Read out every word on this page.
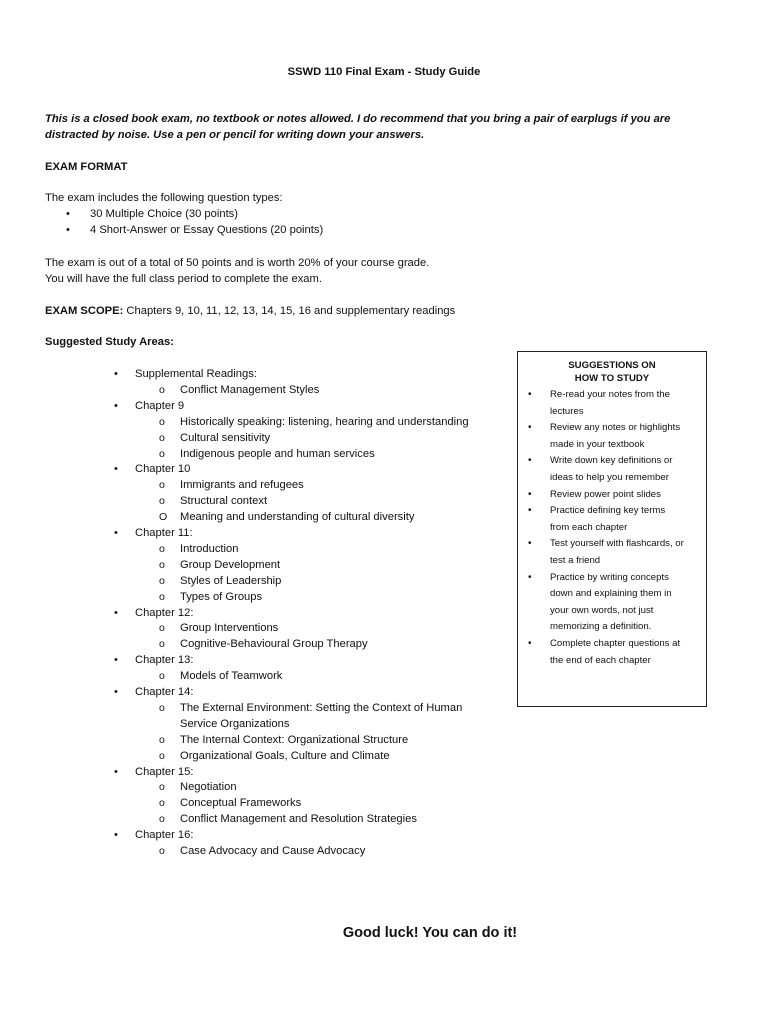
SSWD 110 Final Exam - Study Guide
This is a closed book exam, no textbook or notes allowed. I do recommend that you bring a pair of earplugs if you are distracted by noise. Use a pen or pencil for writing down your answers.
EXAM FORMAT
The exam includes the following question types:
• 30 Multiple Choice (30 points)
• 4 Short-Answer or Essay Questions (20 points)
The exam is out of a total of 50 points and is worth 20% of your course grade.
You will have the full class period to complete the exam.
EXAM SCOPE: Chapters 9, 10, 11, 12, 13, 14, 15, 16 and supplementary readings
Suggested Study Areas:
• Supplemental Readings:
o Conflict Management Styles
• Chapter 9
o Historically speaking: listening, hearing and understanding
o Cultural sensitivity
o Indigenous people and human services
• Chapter 10
o Immigrants and refugees
o Structural context
O Meaning and understanding of cultural diversity
• Chapter 11:
o Introduction
o Group Development
o Styles of Leadership
o Types of Groups
• Chapter 12:
o Group Interventions
o Cognitive-Behavioural Group Therapy
• Chapter 13:
o Models of Teamwork
• Chapter 14:
o The External Environment: Setting the Context of Human
Service Organizations
o The Internal Context: Organizational Structure
o Organizational Goals, Culture and Climate
• Chapter 15:
o Negotiation
o Conceptual Frameworks
o Conflict Management and Resolution Strategies
• Chapter 16:
o Case Advocacy and Cause Advocacy
SUGGESTIONS ON
HOW TO STUDY
• Re-read your notes from the
lectures
• Review any notes or highlights
made in your textbook
• Write down key definitions or
ideas to help you remember
• Review power point slides
• Practice defining key terms
from each chapter
• Test yourself with flashcards, or
test a friend
• Practice by writing concepts
down and explaining them in
your own words, not just
memorizing a definition.
• Complete chapter questions at
the end of each chapter
Good luck! You can do it!
